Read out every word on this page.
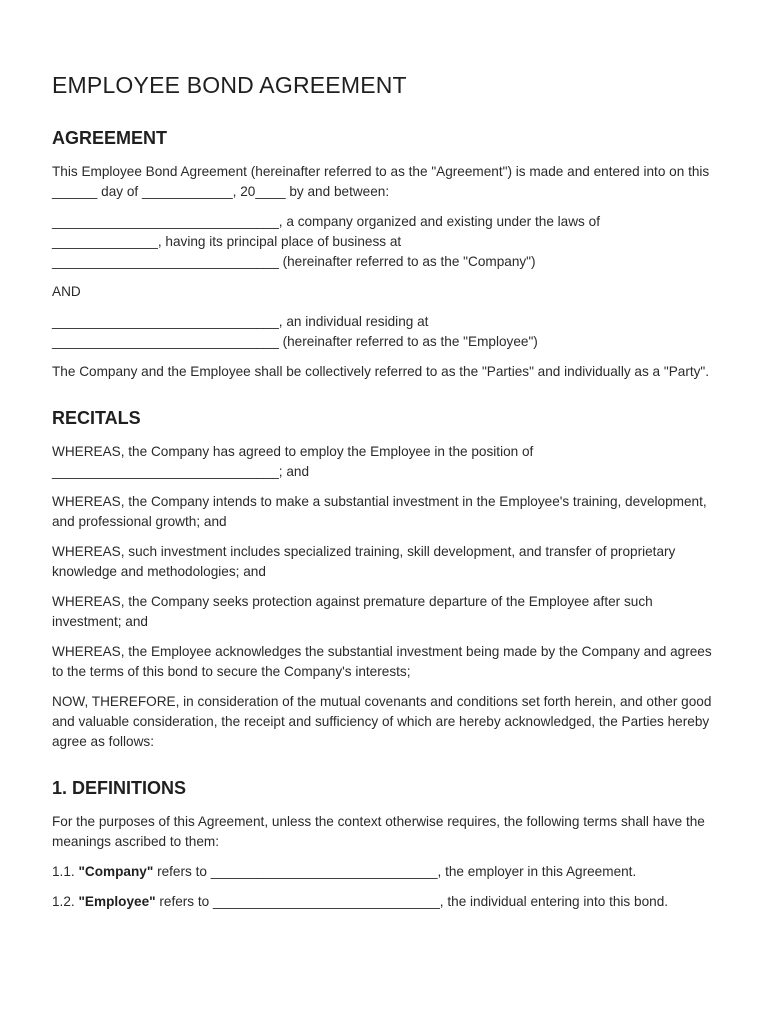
EMPLOYEE BOND AGREEMENT
AGREEMENT

This Employee Bond Agreement (hereinafter referred to as the "Agreement") is made and entered into on this ______ day of ____________, 20____ by and between:

______________________________, a company organized and existing under the laws of
______________, having its principal place of business at
______________________________ (hereinafter referred to as the "Company")

AND

______________________________, an individual residing at
______________________________ (hereinafter referred to as the "Employee")

The Company and the Employee shall be collectively referred to as the "Parties" and individually as a "Party".

RECITALS

WHEREAS, the Company has agreed to employ the Employee in the position of ______________________________; and

WHEREAS, the Company intends to make a substantial investment in the Employee's training, development, and professional growth; and

WHEREAS, such investment includes specialized training, skill development, and transfer of proprietary knowledge and methodologies; and

WHEREAS, the Company seeks protection against premature departure of the Employee after such investment; and

WHEREAS, the Employee acknowledges the substantial investment being made by the Company and agrees to the terms of this bond to secure the Company's interests;

NOW, THEREFORE, in consideration of the mutual covenants and conditions set forth herein, and other good and valuable consideration, the receipt and sufficiency of which are hereby acknowledged, the Parties hereby agree as follows:

1. DEFINITIONS

For the purposes of this Agreement, unless the context otherwise requires, the following terms shall have the meanings ascribed to them:

1.1. "Company" refers to ______________________________, the employer in this Agreement.

1.2. "Employee" refers to ______________________________, the individual entering into this bond.
